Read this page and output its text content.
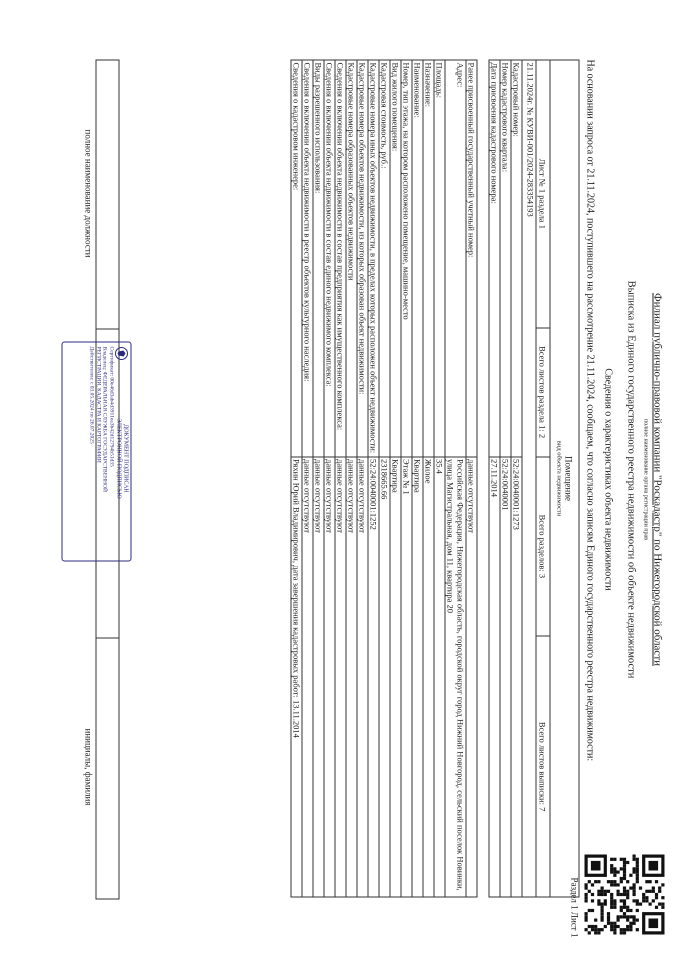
Раздел 1 Лист 1
Филиал публично-правовой компании "Роскадастр" по Нижегородской области
полное наименование органа регистрации прав
Выписка из Единого государственного реестра недвижимости об объекте недвижимости
Сведения о характеристиках объекта недвижимости
На основании запроса от 21.11.2024, поступившего на рассмотрение 21.11.2024, сообщаем, что согласно записям Единого государственного реестра недвижимости:
Помещение
вид объекта недвижимости			

Лист № 1 раздела 1	Всего листов раздела 1: 2	Всего разделов: 3	Всего листов выписки: 7
21.11.2024г. № КУВИ-001/2024-283354193			
Кадастровый номер:		52:24:0040001:1273	
Номер кадастрового квартала:		52:24:0040001	
Дата присвоения кадастрового номера:		27.11.2014	

Ранее присвоенный государственный учетный номер:		данные отсутствуют	
Адрес:		Российская Федерация, Нижегородская область, городской округ город Нижний Новгород, сельский поселок Новинки, улица Магистральная, дом 11, квартира 20	
Площадь:		35.4	
Назначение:		Жилое	
Наименование:		Квартира	
Номер, тип этажа, на котором расположено помещение, машино-место		Этаж № 1	
Вид жилого помещения:		Квартира	
Кадастровая стоимость, руб.:		2318665.66	
Кадастровые номера иных объектов недвижимости, в пределах которых расположен объект недвижимости:		52:24:0040001:1252	
Кадастровые номера объектов недвижимости, из которых образован объект недвижимости:		данные отсутствуют	
Кадастровые номера образованных объектов недвижимости		данные отсутствуют	
Сведения о включении объекта недвижимости в состав предприятия как имущественного комплекса:		данные отсутствуют	
Сведения о включении объекта недвижимости в состав единого недвижимого комплекса:		данные отсутствуют	
Виды разрешенного использования:		данные отсутствуют	
Сведения о включении объекта недвижимости в реестр объектов культурного наследия:		данные отсутствуют	
Сведения о кадастровом инженере:		Ряхин Юрий Владимирович, дата завершения кадастровых работ: 13.11.2014	
полное наименование должности
инициалы, фамилия
ДОКУМЕНТ ПОДПИСАН
ЭЛЕКТРОННОЙ ПОДПИСЬЮ
Сертификат: 00е46d3ab4d3911ea3b42d12794b51d35
Владелец: ФЕДЕРАЛЬНАЯ СЛУЖБА ГОСУДАРСТВЕННОЙ
РЕГИСТРАЦИИ, КАДАСТРА И КАРТОГРАФИИ
Действителен: с 03.05.2024 по 26.07.2025
